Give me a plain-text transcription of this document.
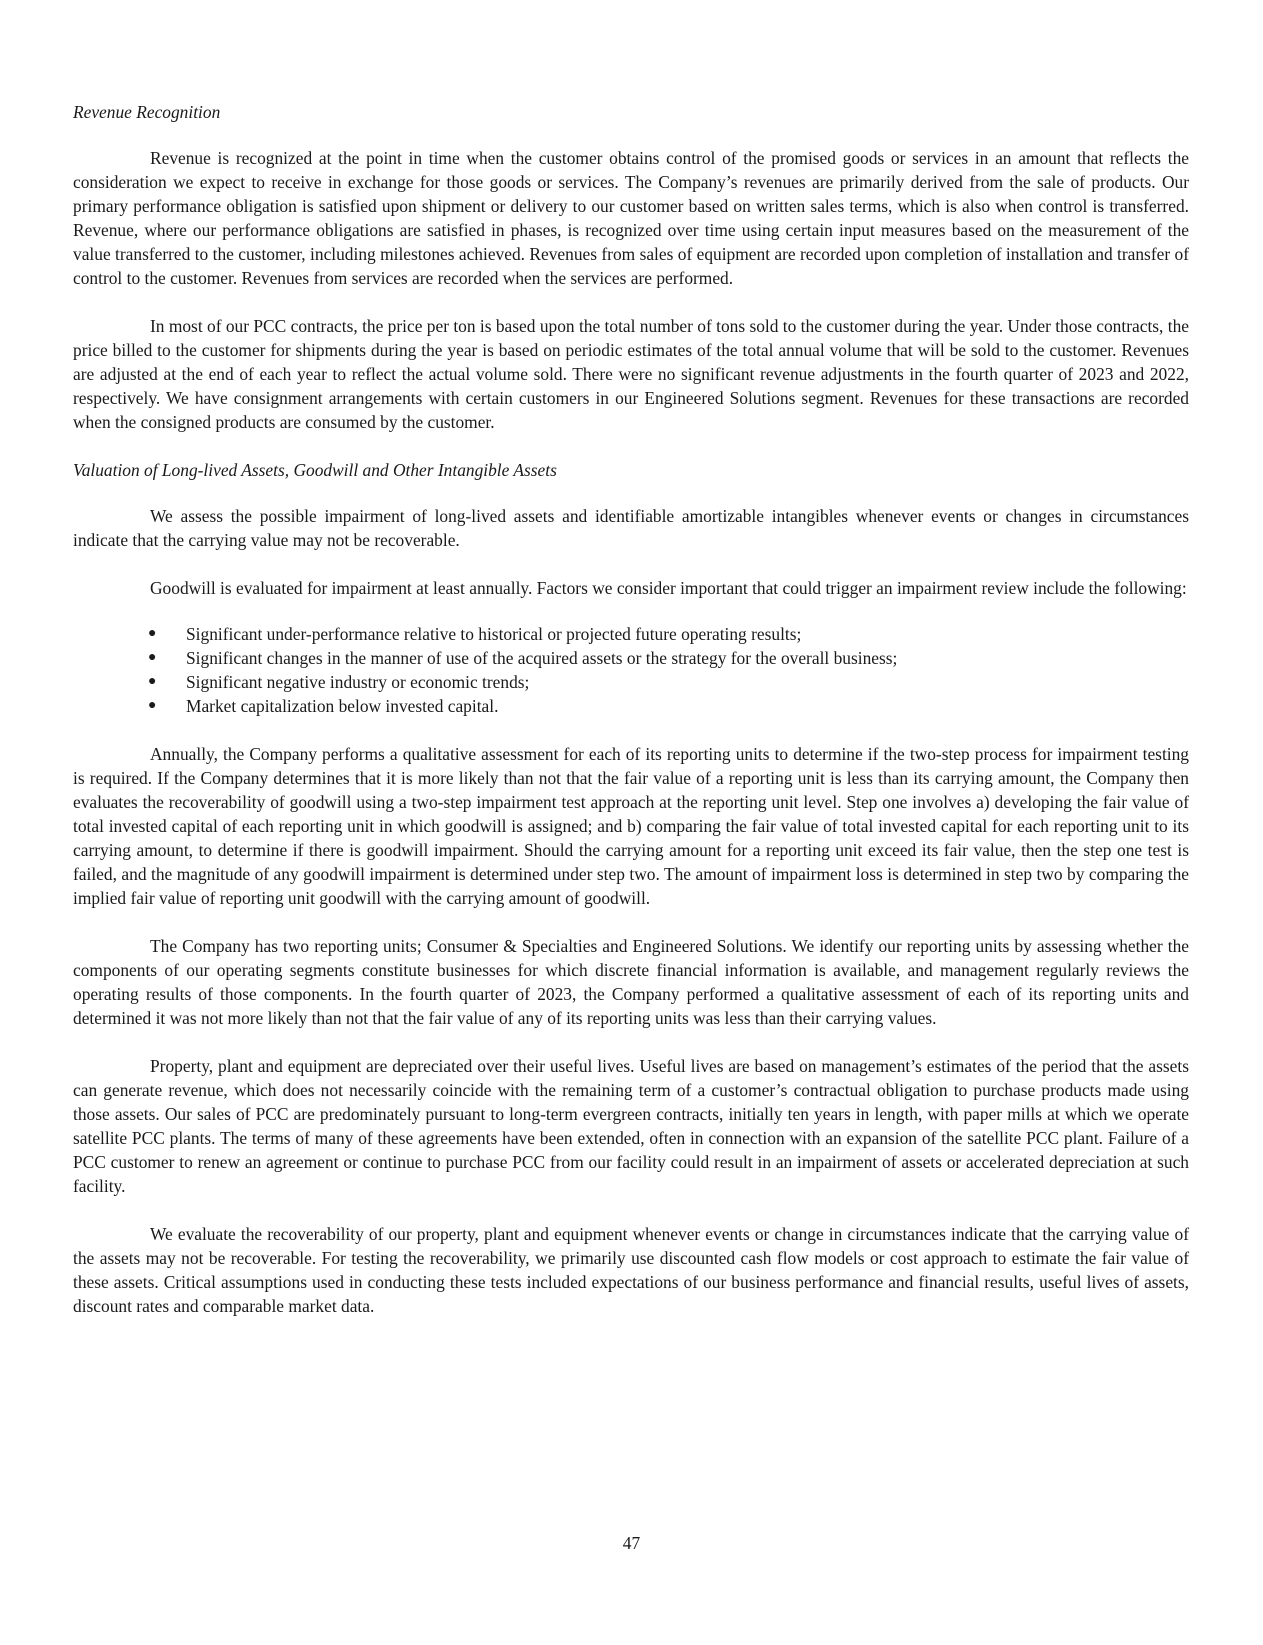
Revenue Recognition

Revenue is recognized at the point in time when the customer obtains control of the promised goods or services in an amount that reflects the consideration we expect to receive in exchange for those goods or services. The Company’s revenues are primarily derived from the sale of products. Our primary performance obligation is satisfied upon shipment or delivery to our customer based on written sales terms, which is also when control is transferred. Revenue, where our performance obligations are satisfied in phases, is recognized over time using certain input measures based on the measurement of the value transferred to the customer, including milestones achieved. Revenues from sales of equipment are recorded upon completion of installation and transfer of control to the customer. Revenues from services are recorded when the services are performed.

In most of our PCC contracts, the price per ton is based upon the total number of tons sold to the customer during the year. Under those contracts, the price billed to the customer for shipments during the year is based on periodic estimates of the total annual volume that will be sold to the customer. Revenues are adjusted at the end of each year to reflect the actual volume sold. There were no significant revenue adjustments in the fourth quarter of 2023 and 2022, respectively. We have consignment arrangements with certain customers in our Engineered Solutions segment. Revenues for these transactions are recorded when the consigned products are consumed by the customer.

Valuation of Long-lived Assets, Goodwill and Other Intangible Assets

We assess the possible impairment of long-lived assets and identifiable amortizable intangibles whenever events or changes in circumstances indicate that the carrying value may not be recoverable.

Goodwill is evaluated for impairment at least annually. Factors we consider important that could trigger an impairment review include the following:

● Significant under-performance relative to historical or projected future operating results;
● Significant changes in the manner of use of the acquired assets or the strategy for the overall business;
● Significant negative industry or economic trends;
● Market capitalization below invested capital.

Annually, the Company performs a qualitative assessment for each of its reporting units to determine if the two-step process for impairment testing is required. If the Company determines that it is more likely than not that the fair value of a reporting unit is less than its carrying amount, the Company then evaluates the recoverability of goodwill using a two-step impairment test approach at the reporting unit level. Step one involves a) developing the fair value of total invested capital of each reporting unit in which goodwill is assigned; and b) comparing the fair value of total invested capital for each reporting unit to its carrying amount, to determine if there is goodwill impairment. Should the carrying amount for a reporting unit exceed its fair value, then the step one test is failed, and the magnitude of any goodwill impairment is determined under step two. The amount of impairment loss is determined in step two by comparing the implied fair value of reporting unit goodwill with the carrying amount of goodwill.

The Company has two reporting units; Consumer & Specialties and Engineered Solutions. We identify our reporting units by assessing whether the components of our operating segments constitute businesses for which discrete financial information is available, and management regularly reviews the operating results of those components. In the fourth quarter of 2023, the Company performed a qualitative assessment of each of its reporting units and determined it was not more likely than not that the fair value of any of its reporting units was less than their carrying values.

Property, plant and equipment are depreciated over their useful lives. Useful lives are based on management’s estimates of the period that the assets can generate revenue, which does not necessarily coincide with the remaining term of a customer’s contractual obligation to purchase products made using those assets. Our sales of PCC are predominately pursuant to long-term evergreen contracts, initially ten years in length, with paper mills at which we operate satellite PCC plants. The terms of many of these agreements have been extended, often in connection with an expansion of the satellite PCC plant. Failure of a PCC customer to renew an agreement or continue to purchase PCC from our facility could result in an impairment of assets or accelerated depreciation at such facility.

We evaluate the recoverability of our property, plant and equipment whenever events or change in circumstances indicate that the carrying value of the assets may not be recoverable. For testing the recoverability, we primarily use discounted cash flow models or cost approach to estimate the fair value of these assets. Critical assumptions used in conducting these tests included expectations of our business performance and financial results, useful lives of assets, discount rates and comparable market data.

47
